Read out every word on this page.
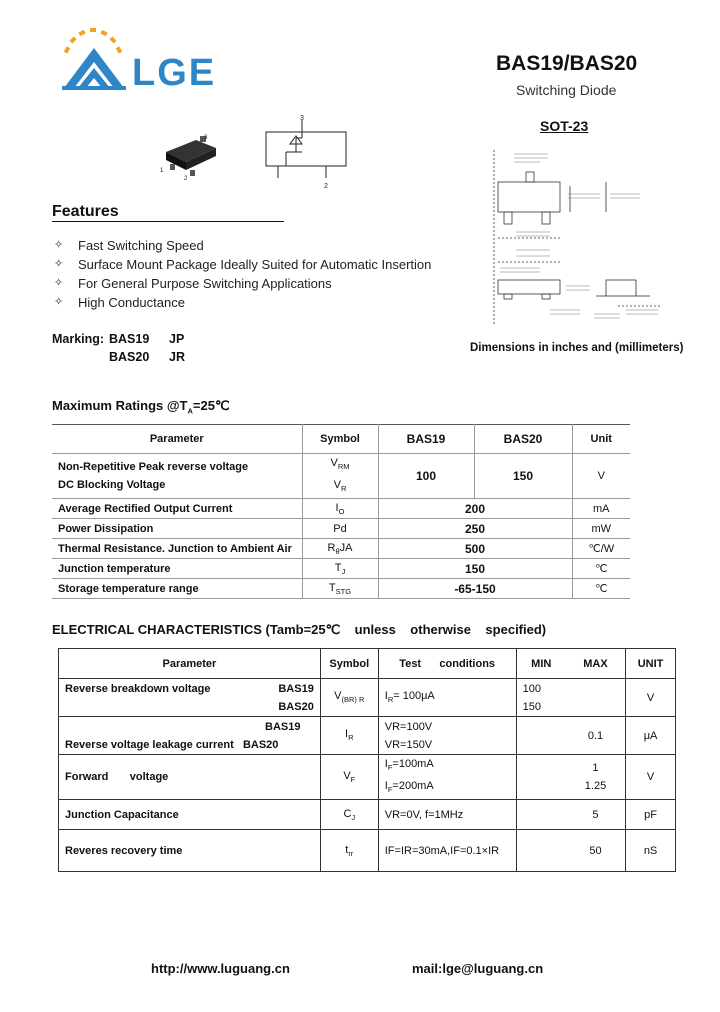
LGE	BAS19/BAS20
Switching Diode
SOT-23
3
1
2
3
2
Dimensions in inches and (millimeters)
Features
✧ Fast Switching Speed
✧ Surface Mount Package Ideally Suited for Automatic Insertion
✧ For General Purpose Switching Applications
✧ High Conductance
Marking: BAS19 JP
BAS20 JR
Maximum Ratings $@T_A=25℃$
Parameter	Symbol	BAS19	BAS20	Unit

Non-Repetitive Peak reverse voltage
DC Blocking Voltage	$V_{RM}$
$V_R$	100	150	V
Average Rectified Output Current	$I_O$	200		mA
Power Dissipation	Pd	250		mW
Thermal Resistance. Junction to Ambient Air	$R_\theta JA$	500		℃/W
Junction temperature	$T_J$	150		℃
Storage temperature range	$T_{STG}$	-65-150		℃
ELECTRICAL CHARACTERISTICS (Tamb=25℃    unless    otherwise    specified)
Parameter	Symbol	Test      conditions	MIN	MAX	UNIT

Reverse breakdown voltage BAS19
BAS20	$V_{(BR) R}$	$I_R= 100\mu A$	100
150		V

BAS19
Reverse voltage leakage current BAS20	$I_R$	VR=100V
VR=150V		0.1	μA
Forward       voltage	$V_F$	$I_F=100mA$
$I_F=200mA$		1
1.25	V
Junction Capacitance	$C_J$	VR=0V, f=1MHz		5	pF
Reveres recovery time	$t_{rr}$	IF=IR=30mA,IF=0.1×IR		50	nS
http://www.luguang.cn	mail:lge@luguang.cn
